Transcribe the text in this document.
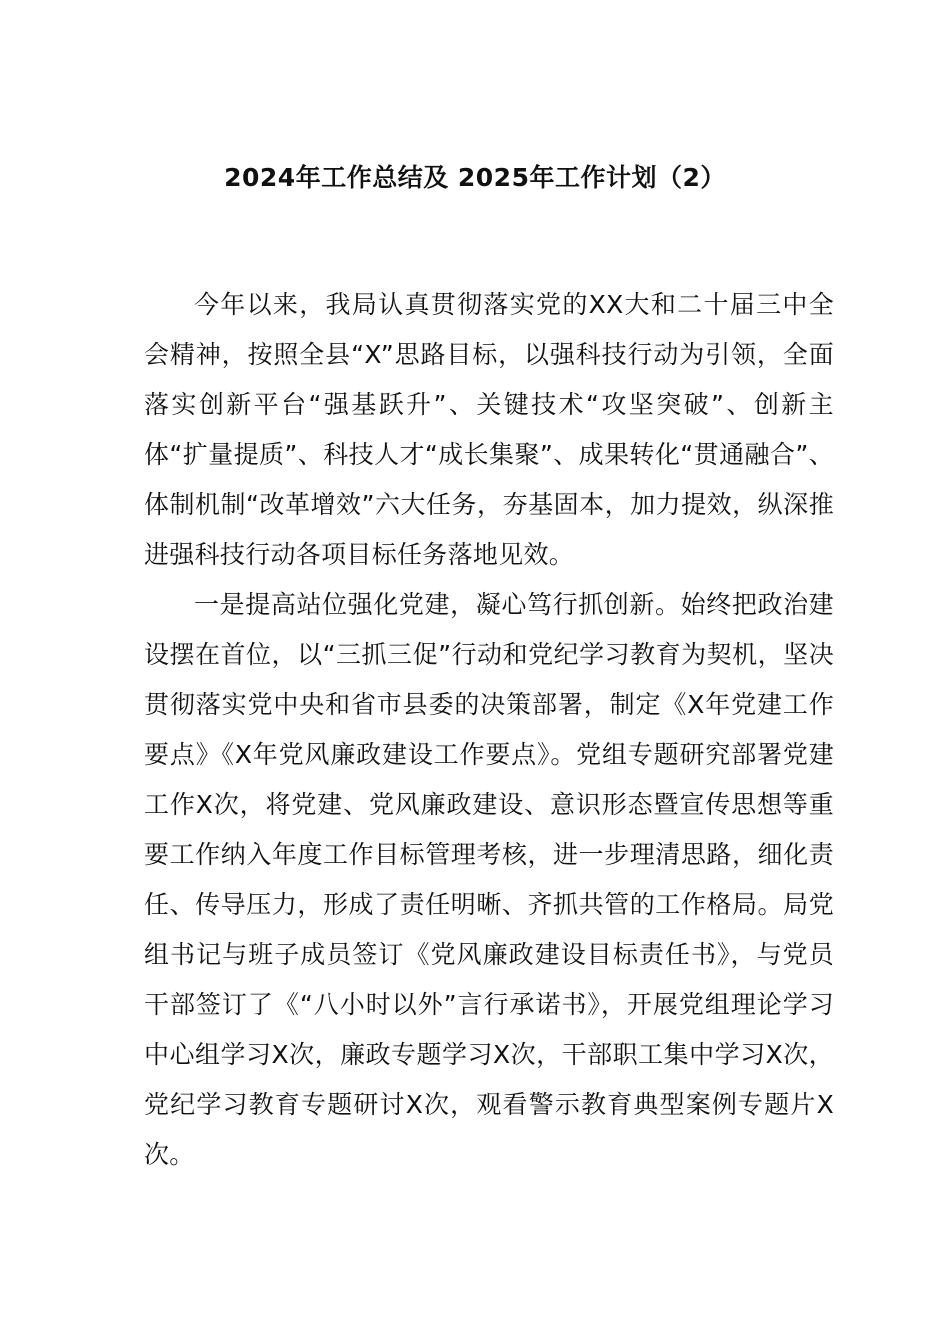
2024年工作总结及 2025年工作计划（2）

今年以来，我局认真贯彻落实党的XX大和二十届三中全会精神，按照全县“X”思路目标，以强科技行动为引领，全面落实创新平台“强基跃升”、关键技术“攻坚突破”、创新主体“扩量提质”、科技人才“成长集聚”、成果转化“贯通融合”、体制机制“改革增效”六大任务，夯基固本，加力提效，纵深推进强科技行动各项目标任务落地见效。

一是提高站位强化党建，凝心笃行抓创新。始终把政治建设摆在首位，以“三抓三促”行动和党纪学习教育为契机，坚决贯彻落实党中央和省市县委的决策部署，制定《X年党建工作要点》《X年党风廉政建设工作要点》。党组专题研究部署党建工作X次，将党建、党风廉政建设、意识形态暨宣传思想等重要工作纳入年度工作目标管理考核，进一步理清思路，细化责任、传导压力，形成了责任明晰、齐抓共管的工作格局。局党组书记与班子成员签订《党风廉政建设目标责任书》，与党员干部签订了《“八小时以外”言行承诺书》，开展党组理论学习中心组学习X次，廉政专题学习X次，干部职工集中学习X次，党纪学习教育专题研讨X次，观看警示教育典型案例专题片X次。
